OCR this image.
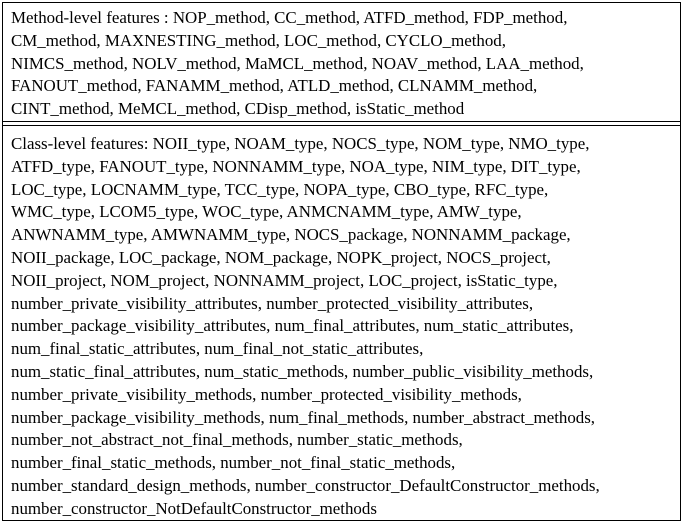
Method-level features : NOP_method, CC_method, ATFD_method, FDP_method,
CM_method, MAXNESTING_method, LOC_method, CYCLO_method,
NIMCS_method, NOLV_method, MaMCL_method, NOAV_method, LAA_method,
FANOUT_method, FANAMM_method, ATLD_method, CLNAMM_method,
CINT_method, MeMCL_method, CDisp_method, isStatic_method
Class-level features: NOII_type, NOAM_type, NOCS_type, NOM_type, NMO_type,
ATFD_type, FANOUT_type, NONNAMM_type, NOA_type, NIM_type, DIT_type,
LOC_type, LOCNAMM_type, TCC_type, NOPA_type, CBO_type, RFC_type,
WMC_type, LCOM5_type, WOC_type, ANMCNAMM_type, AMW_type,
ANWNAMM_type, AMWNAMM_type, NOCS_package, NONNAMM_package,
NOII_package, LOC_package, NOM_package, NOPK_project, NOCS_project,
NOII_project, NOM_project, NONNAMM_project, LOC_project, isStatic_type,
number_private_visibility_attributes, number_protected_visibility_attributes,
number_package_visibility_attributes, num_final_attributes, num_static_attributes,
num_final_static_attributes, num_final_not_static_attributes,
num_static_final_attributes, num_static_methods, number_public_visibility_methods,
number_private_visibility_methods, number_protected_visibility_methods,
number_package_visibility_methods, num_final_methods, number_abstract_methods,
number_not_abstract_not_final_methods, number_static_methods,
number_final_static_methods, number_not_final_static_methods,
number_standard_design_methods, number_constructor_DefaultConstructor_methods,
number_constructor_NotDefaultConstructor_methods
